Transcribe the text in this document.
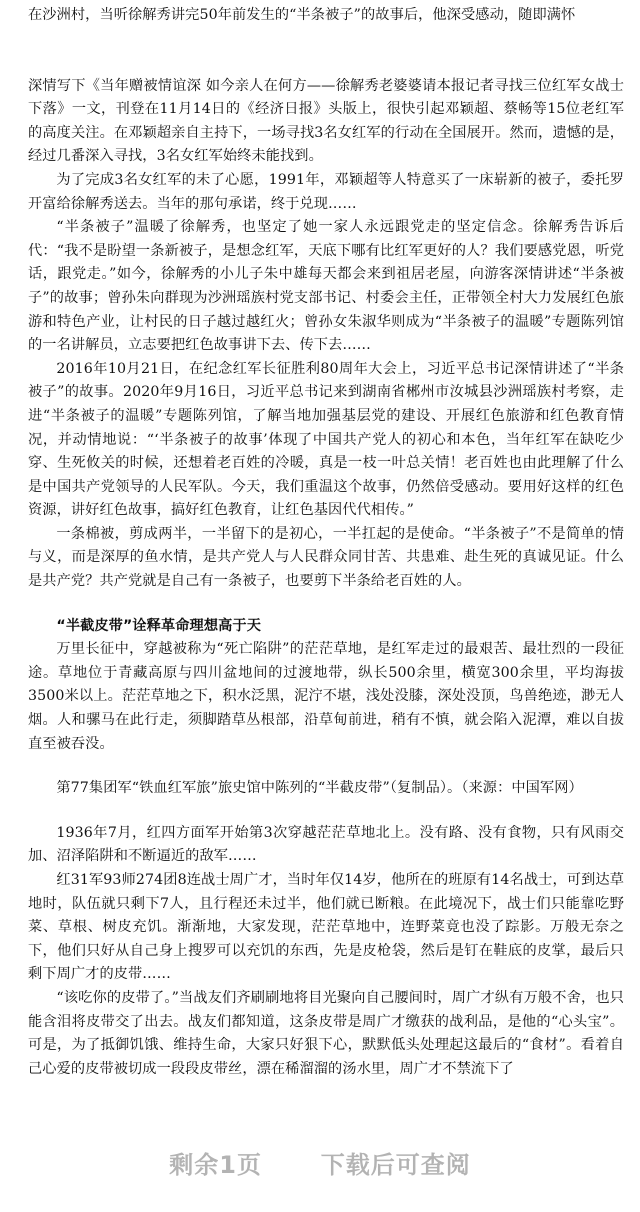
在沙洲村，当听徐解秀讲完50年前发生的“半条被子”的故事后，他深受感动，随即满怀

深情写下《当年赠被情谊深 如今亲人在何方——徐解秀老婆婆请本报记者寻找三位红军女战士下落》一文，刊登在11月14日的《经济日报》头版上，很快引起邓颖超、蔡畅等15位老红军的高度关注。在邓颖超亲自主持下，一场寻找3名女红军的行动在全国展开。然而，遗憾的是，经过几番深入寻找，3名女红军始终未能找到。

为了完成3名女红军的未了心愿，1991年，邓颖超等人特意买了一床崭新的被子，委托罗开富给徐解秀送去。当年的那句承诺，终于兑现……

“半条被子”温暖了徐解秀，也坚定了她一家人永远跟党走的坚定信念。徐解秀告诉后代：“我不是盼望一条新被子，是想念红军，天底下哪有比红军更好的人？我们要感党恩，听党话，跟党走。”如今，徐解秀的小儿子朱中雄每天都会来到祖居老屋，向游客深情讲述“半条被子”的故事；曾孙朱向群现为沙洲瑶族村党支部书记、村委会主任，正带领全村大力发展红色旅游和特色产业，让村民的日子越过越红火；曾孙女朱淑华则成为“半条被子的温暖”专题陈列馆的一名讲解员，立志要把红色故事讲下去、传下去……

2016年10月21日，在纪念红军长征胜利80周年大会上，习近平总书记深情讲述了“半条被子”的故事。2020年9月16日，习近平总书记来到湖南省郴州市汝城县沙洲瑶族村考察，走进“半条被子的温暖”专题陈列馆，了解当地加强基层党的建设、开展红色旅游和红色教育情况，并动情地说：“‘半条被子的故事’体现了中国共产党人的初心和本色，当年红军在缺吃少穿、生死攸关的时候，还想着老百姓的冷暖，真是一枝一叶总关情！老百姓也由此理解了什么是中国共产党领导的人民军队。今天，我们重温这个故事，仍然倍受感动。要用好这样的红色资源，讲好红色故事，搞好红色教育，让红色基因代代相传。”

一条棉被，剪成两半，一半留下的是初心，一半扛起的是使命。“半条被子”不是简单的情与义，而是深厚的鱼水情，是共产党人与人民群众同甘苦、共患难、赴生死的真诚见证。什么是共产党？共产党就是自己有一条被子，也要剪下半条给老百姓的人。

“半截皮带”诠释革命理想高于天

万里长征中，穿越被称为“死亡陷阱”的茫茫草地，是红军走过的最艰苦、最壮烈的一段征途。草地位于青藏高原与四川盆地间的过渡地带，纵长500余里，横宽300余里，平均海拔3500米以上。茫茫草地之下，积水泛黑，泥泞不堪，浅处没膝，深处没顶，鸟兽绝迹，渺无人烟。人和骡马在此行走，须脚踏草丛根部，沿草甸前进，稍有不慎，就会陷入泥潭，难以自拔直至被吞没。

第77集团军“铁血红军旅”旅史馆中陈列的“半截皮带”（复制品）。（来源：中国军网）

1936年7月，红四方面军开始第3次穿越茫茫草地北上。没有路、没有食物，只有风雨交加、沼泽陷阱和不断逼近的敌军……

红31军93师274团8连战士周广才，当时年仅14岁，他所在的班原有14名战士，可到达草地时，队伍就只剩下7人，且行程还未过半，他们就已断粮。在此境况下，战士们只能靠吃野菜、草根、树皮充饥。渐渐地，大家发现，茫茫草地中，连野菜竟也没了踪影。万般无奈之下，他们只好从自己身上搜罗可以充饥的东西，先是皮枪袋，然后是钉在鞋底的皮掌，最后只剩下周广才的皮带……

“该吃你的皮带了。”当战友们齐刷刷地将目光聚向自己腰间时，周广才纵有万般不舍，也只能含泪将皮带交了出去。战友们都知道，这条皮带是周广才缴获的战利品，是他的“心头宝”。可是，为了抵御饥饿、维持生命，大家只好狠下心，默默低头处理起这最后的“食材”。看着自己心爱的皮带被切成一段段皮带丝，漂在稀溜溜的汤水里，周广才不禁流下了

剩余1页 下载后可查阅
